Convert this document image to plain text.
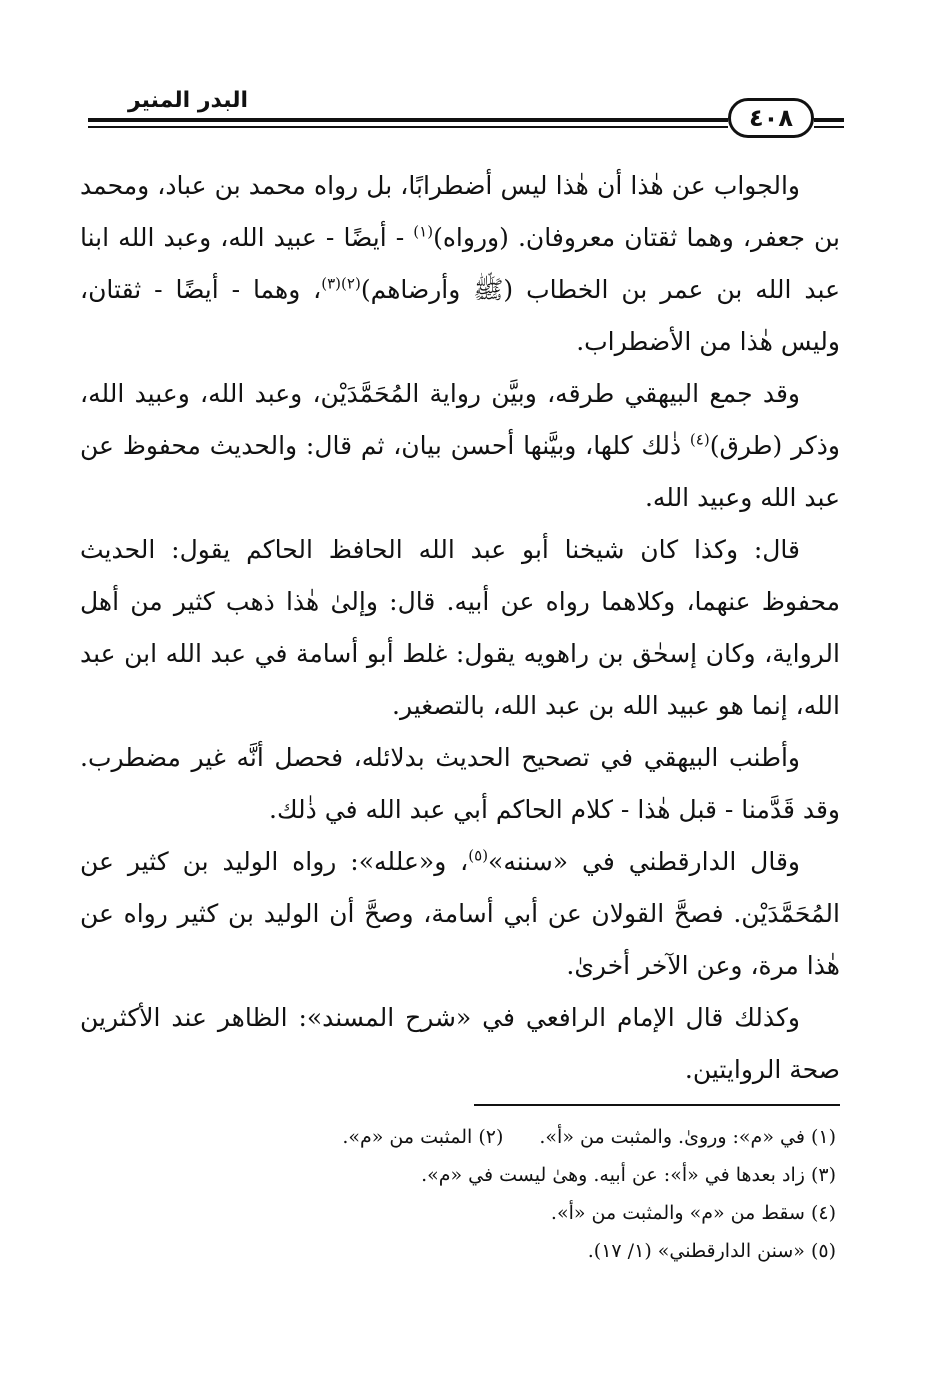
البدر المنير
٤٠٨

والجواب عن هٰذا أن هٰذا ليس أضطرابًا، بل رواه محمد بن عباد، ومحمد بن جعفر، وهما ثقتان معروفان. (ورواه)$^{(١)}$ - أيضًا - عبيد الله، وعبد الله ابنا عبد الله بن عمر بن الخطاب (ﷺ وأرضاهم)$^{(٢)(٣)}$، وهما - أيضًا - ثقتان، وليس هٰذا من الأضطراب.

وقد جمع البيهقي طرقه، وبيَّن رواية المُحَمَّدَيْن، وعبد الله، وعبيد الله، وذكر (طرق)$^{(٤)}$ ذٰلك كلها، وبيَّنها أحسن بيان، ثم قال: والحديث محفوظ عن عبد الله وعبيد الله.

قال: وكذا كان شيخنا أبو عبد الله الحافظ الحاكم يقول: الحديث محفوظ عنهما، وكلاهما رواه عن أبيه. قال: وإلىٰ هٰذا ذهب كثير من أهل الرواية، وكان إسحٰق بن راهويه يقول: غلط أبو أسامة في عبد الله ابن عبد الله، إنما هو عبيد الله بن عبد الله، بالتصغير.

وأطنب البيهقي في تصحيح الحديث بدلائله، فحصل أنَّه غير مضطرب. وقد قَدَّمنا - قبل هٰذا - كلام الحاكم أبي عبد الله في ذٰلك.

وقال الدارقطني في «سننه»$^{(٥)}$، و«علله»: رواه الوليد بن كثير عن المُحَمَّدَيْن. فصحَّ القولان عن أبي أسامة، وصحَّ أن الوليد بن كثير رواه عن هٰذا مرة، وعن الآخر أخرىٰ.

وكذلك قال الإمام الرافعي في «شرح المسند»: الظاهر عند الأكثرين صحة الروايتين.

(١) في «م»: وروىٰ. والمثبت من «أ».(٢) المثبت من «م».

(٣) زاد بعدها في «أ»: عن أبيه. وهىٰ ليست في «م».

(٤) سقط من «م» والمثبت من «أ».

(٥) «سنن الدارقطني» (١/ ١٧).
